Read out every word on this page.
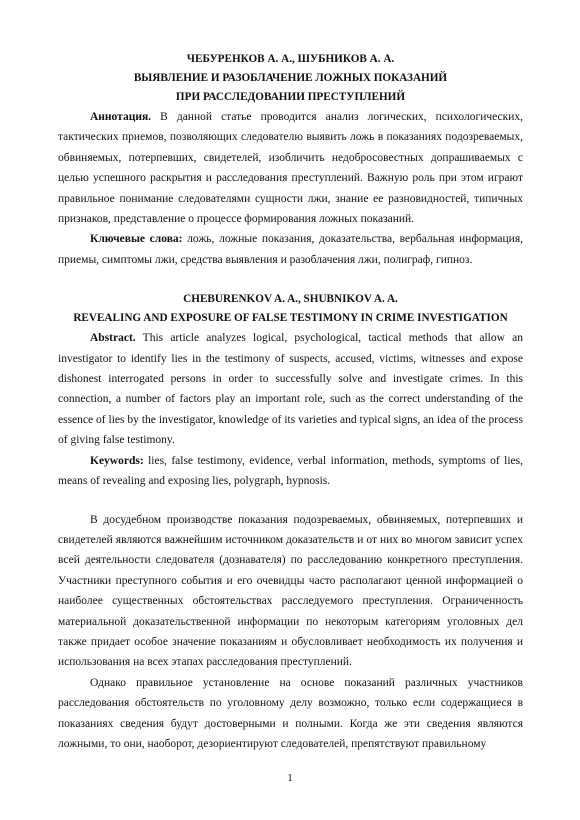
ЧЕБУРЕНКОВ А. А., ШУБНИКОВ А. А.

ВЫЯВЛЕНИЕ И РАЗОБЛАЧЕНИЕ ЛОЖНЫХ ПОКАЗАНИЙ

ПРИ РАССЛЕДОВАНИИ ПРЕСТУПЛЕНИЙ

Аннотация. В данной статье проводится анализ логических, психологических, тактических приемов, позволяющих следователю выявить ложь в показаниях подозреваемых, обвиняемых, потерпевших, свидетелей, изобличить недобросовестных допрашиваемых с целью успешного раскрытия и расследования преступлений. Важную роль при этом играют правильное понимание следователями сущности лжи, знание ее разновидностей, типичных признаков, представление о процессе формирования ложных показаний.

Ключевые слова: ложь, ложные показания, доказательства, вербальная информация, приемы, симптомы лжи, средства выявления и разоблачения лжи, полиграф, гипноз.

CHEBURENKOV A. A., SHUBNIKOV A. A.

REVEALING AND EXPOSURE OF FALSE TESTIMONY IN CRIME INVESTIGATION

Abstract. This article analyzes logical, psychological, tactical methods that allow an investigator to identify lies in the testimony of suspects, accused, victims, witnesses and expose dishonest interrogated persons in order to successfully solve and investigate crimes. In this connection, a number of factors play an important role, such as the correct understanding of the essence of lies by the investigator, knowledge of its varieties and typical signs, an idea of the process of giving false testimony.

Keywords: lies, false testimony, evidence, verbal information, methods, symptoms of lies, means of revealing and exposing lies, polygraph, hypnosis.

В досудебном производстве показания подозреваемых, обвиняемых, потерпевших и свидетелей являются важнейшим источником доказательств и от них во многом зависит успех всей деятельности следователя (дознавателя) по расследованию конкретного преступления. Участники преступного события и его очевидцы часто располагают ценной информацией о наиболее существенных обстоятельствах расследуемого преступления. Ограниченность материальной доказательственной информации по некоторым категориям уголовных дел также придает особое значение показаниям и обусловливает необходимость их получения и использования на всех этапах расследования преступлений.

Однако правильное установление на основе показаний различных участников расследования обстоятельств по уголовному делу возможно, только если содержащиеся в показаниях сведения будут достоверными и полными. Когда же эти сведения являются ложными, то они, наоборот, дезориентируют следователей, препятствуют правильному

1
